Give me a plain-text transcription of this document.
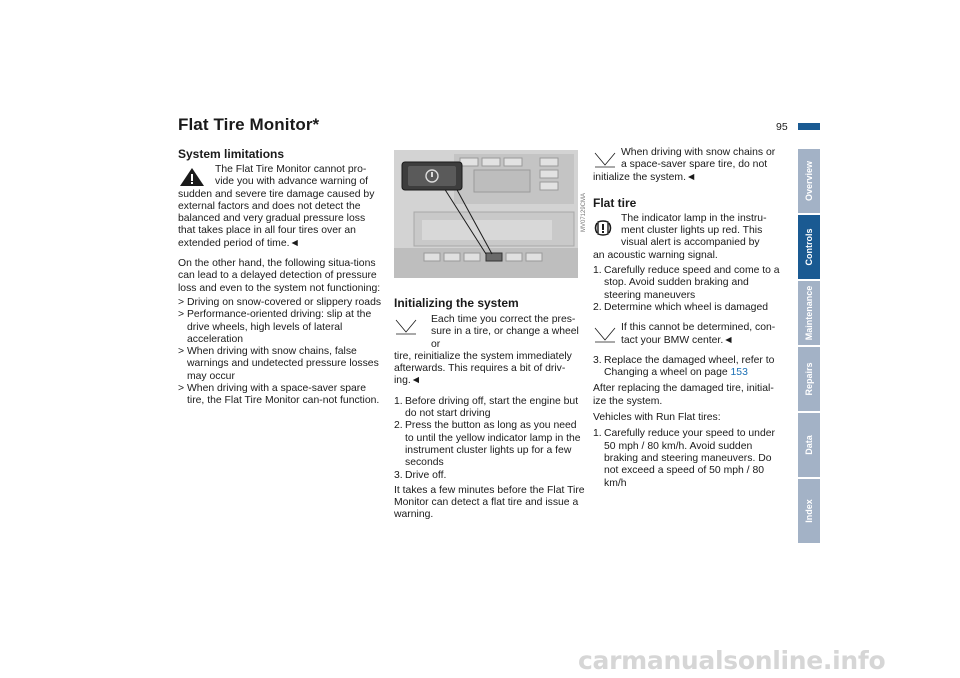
Flat Tire Monitor*	95
System limitations

The Flat Tire Monitor cannot pro-

vide you with advance warning of

sudden and severe tire damage caused by external factors and does not detect the balanced and very gradual pressure loss that takes place in all four tires over an extended period of time.◄

On the other hand, the following situa-tions can lead to a delayed detection of pressure loss and even to the system not functioning:

> Driving on snow-covered or slippery roads
> Performance-oriented driving: slip at the drive wheels, high levels of lateral acceleration
> When driving with snow chains, false warnings and undetected pressure losses may occur
> When driving with a space-saver spare tire, the Flat Tire Monitor can-not function.
MV07129CMA
Initializing the system

Each time you correct the pres-

sure in a tire, or change a wheel or

tire, reinitialize the system immediately afterwards. This requires a bit of driv-ing.◄

1. Before driving off, start the engine but do not start driving
2. Press the button as long as you need to until the yellow indicator lamp in the instrument cluster lights up for a few seconds
3. Drive off.

It takes a few minutes before the Flat Tire Monitor can detect a flat tire and issue a warning.

When driving with snow chains or

a space-saver spare tire, do not

initialize the system.◄

Flat tire

The indicator lamp in the instru-

ment cluster lights up red. This

visual alert is accompanied by

an acoustic warning signal.

1. Carefully reduce speed and come to a stop. Avoid sudden braking and steering maneuvers
2. Determine which wheel is damaged

If this cannot be determined, con-

tact your BMW center.◄

3. Replace the damaged wheel, refer to Changing a wheel on page 153

After replacing the damaged tire, initial-ize the system.

Vehicles with Run Flat tires:

1. Carefully reduce your speed to under 50 mph / 80 km/h. Avoid sudden braking and steering maneuvers. Do not exceed a speed of 50 mph / 80 km/h
Overview
Controls
Maintenance
Repairs
Data
Index
carmanualsonline.info
